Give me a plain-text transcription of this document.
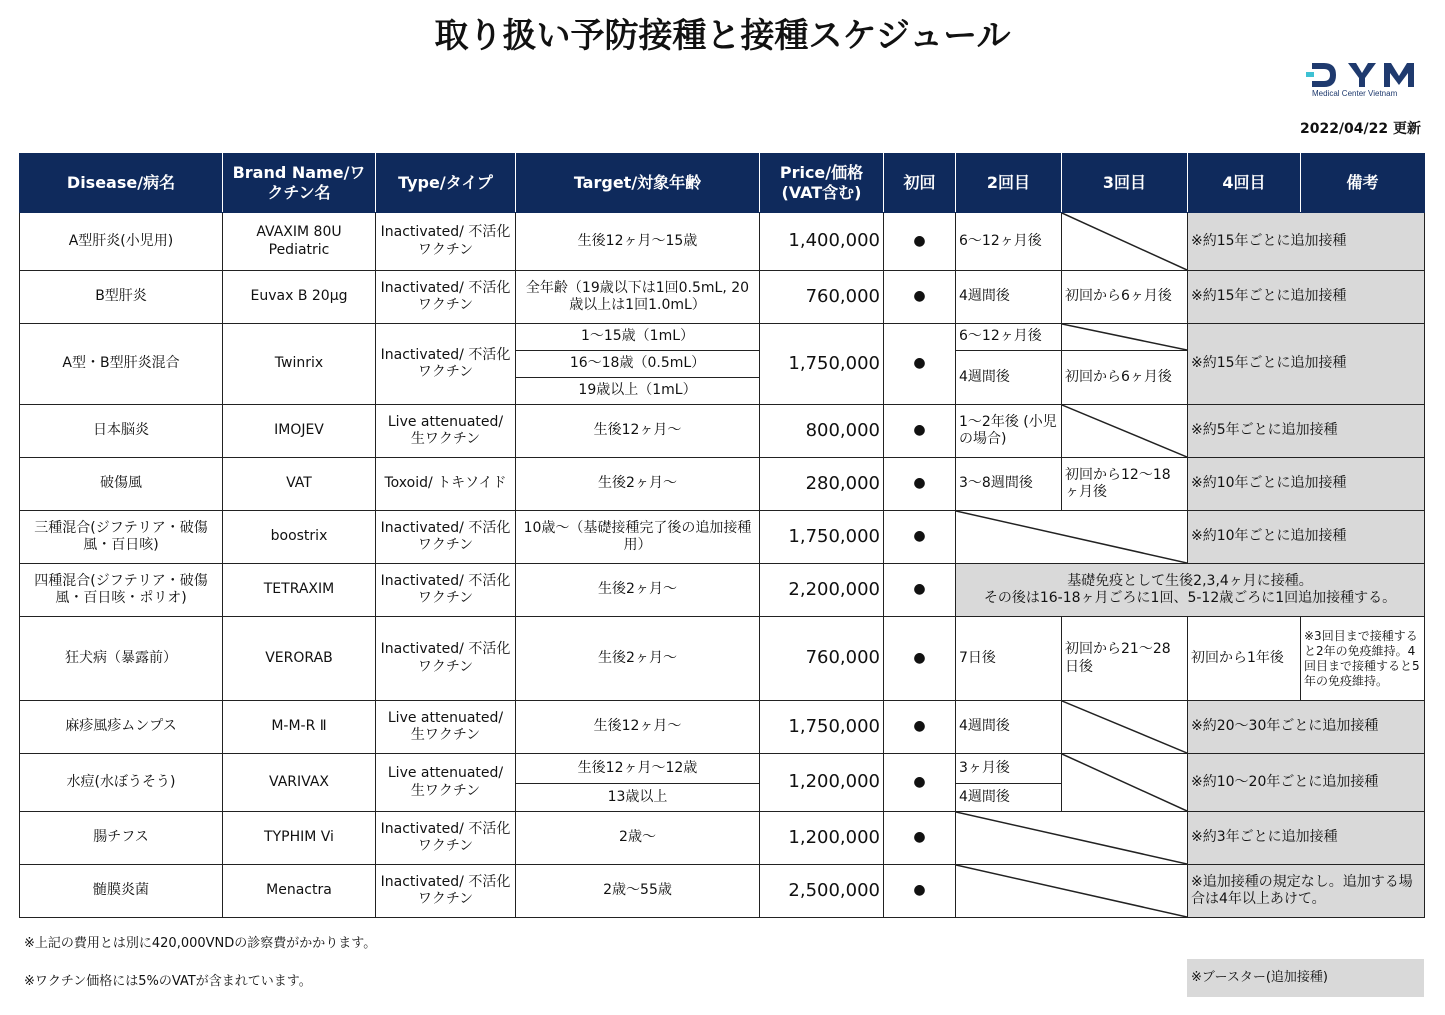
取り扱い予防接種と接種スケジュール
Medical Center Vietnam
2022/04/22 更新
Disease/病名	Brand Name/ワクチン名	Type/タイプ	Target/対象年齢	Price/価格(VAT含む)	初回	2回目	3回目	4回目	備考
A型肝炎(小児用)	AVAXIM 80U Pediatric	Inactivated/ 不活化ワクチン	生後12ヶ月～15歳	1,400,000	●	6～12ヶ月後		※約15年ごとに追加接種	
B型肝炎	Euvax B 20μg	Inactivated/ 不活化ワクチン	全年齢（19歳以下は1回0.5mL, 20歳以上は1回1.0mL）	760,000	●	4週間後	初回から6ヶ月後	※約15年ごとに追加接種	
A型・B型肝炎混合	Twinrix	Inactivated/ 不活化ワクチン	1～15歳（1mL）	1,750,000	●	6～12ヶ月後		※約15年ごとに追加接種	
			16～18歳（0.5mL）			4週間後	初回から6ヶ月後		
			19歳以上（1mL）						
日本脳炎	IMOJEV	Live attenuated/ 生ワクチン	生後12ヶ月～	800,000	●	1～2年後 (小児の場合)		※約5年ごとに追加接種	
破傷風	VAT	Toxoid/ トキソイド	生後2ヶ月～	280,000	●	3～8週間後	初回から12～18ヶ月後	※約10年ごとに追加接種	
三種混合(ジフテリア・破傷風・百日咳)	boostrix	Inactivated/ 不活化ワクチン	10歳～（基礎接種完了後の追加接種用）	1,750,000	●			※約10年ごとに追加接種	
四種混合(ジフテリア・破傷風・百日咳・ポリオ)	TETRAXIM	Inactivated/ 不活化ワクチン	生後2ヶ月～	2,200,000	●	基礎免疫として生後2,3,4ヶ月に接種。
その後は16-18ヶ月ごろに1回、5-12歳ごろに1回追加接種する。			

狂犬病（暴露前）	VERORAB	Inactivated/ 不活化ワクチン	生後2ヶ月～	760,000	●	7日後	初回から21～28日後	初回から1年後	※3回目まで接種すると2年の免疫維持。4回目まで接種すると5年の免疫維持。
麻疹風疹ムンプス	M-M-R Ⅱ	Live attenuated/ 生ワクチン	生後12ヶ月～	1,750,000	●	4週間後		※約20～30年ごとに追加接種	
水痘(水ぼうそう)	VARIVAX	Live attenuated/ 生ワクチン	生後12ヶ月～12歳	1,200,000	●	3ヶ月後		※約10～20年ごとに追加接種	
			13歳以上			4週間後			
腸チフス	TYPHIM Vi	Inactivated/ 不活化ワクチン	2歳～	1,200,000	●			※約3年ごとに追加接種	
髄膜炎菌	Menactra	Inactivated/ 不活化ワクチン	2歳～55歳	2,500,000	●			※追加接種の規定なし。追加する場合は4年以上あけて。	
※上記の費用とは別に420,000VNDの診察費がかかります。
※ワクチン価格には5%のVATが含まれています。	※ブースター(追加接種)
